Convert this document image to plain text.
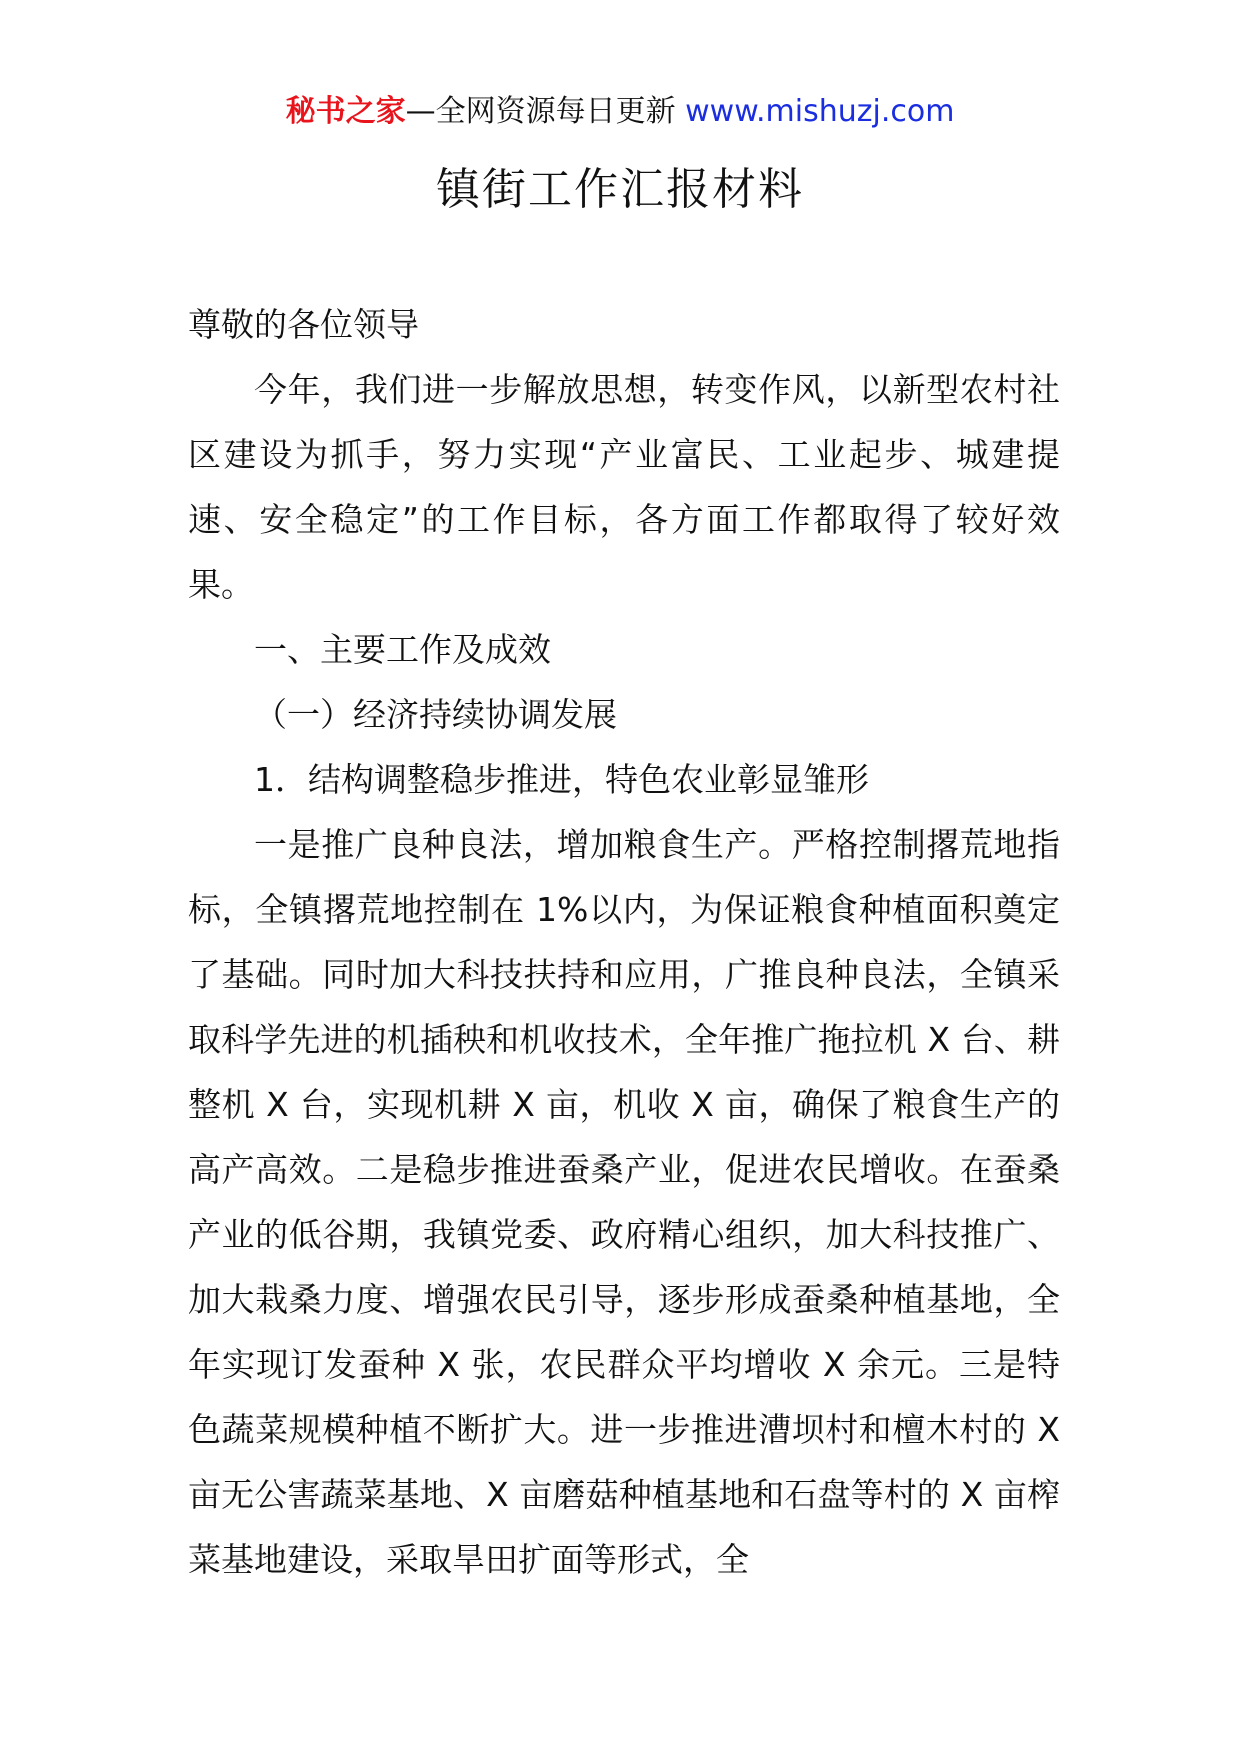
秘书之家—全网资源每日更新 www.mishuzj.com
镇街工作汇报材料

尊敬的各位领导

今年，我们进一步解放思想，转变作风，以新型农村社区建设为抓手，努力实现“产业富民、工业起步、城建提速、安全稳定”的工作目标，各方面工作都取得了较好效果。

一、主要工作及成效

（一）经济持续协调发展

1．结构调整稳步推进，特色农业彰显雏形

一是推广良种良法，增加粮食生产。严格控制撂荒地指标，全镇撂荒地控制在 1%以内，为保证粮食种植面积奠定了基础。同时加大科技扶持和应用，广推良种良法，全镇采取科学先进的机插秧和机收技术，全年推广拖拉机 X 台、耕整机 X 台，实现机耕 X 亩，机收 X 亩，确保了粮食生产的高产高效。二是稳步推进蚕桑产业，促进农民增收。在蚕桑产业的低谷期，我镇党委、政府精心组织，加大科技推广、加大栽桑力度、增强农民引导，逐步形成蚕桑种植基地，全年实现订发蚕种 X 张，农民群众平均增收 X 余元。三是特色蔬菜规模种植不断扩大。进一步推进漕坝村和檀木村的 X 亩无公害蔬菜基地、X 亩磨菇种植基地和石盘等村的 X 亩榨菜基地建设，采取旱田扩面等形式，全
